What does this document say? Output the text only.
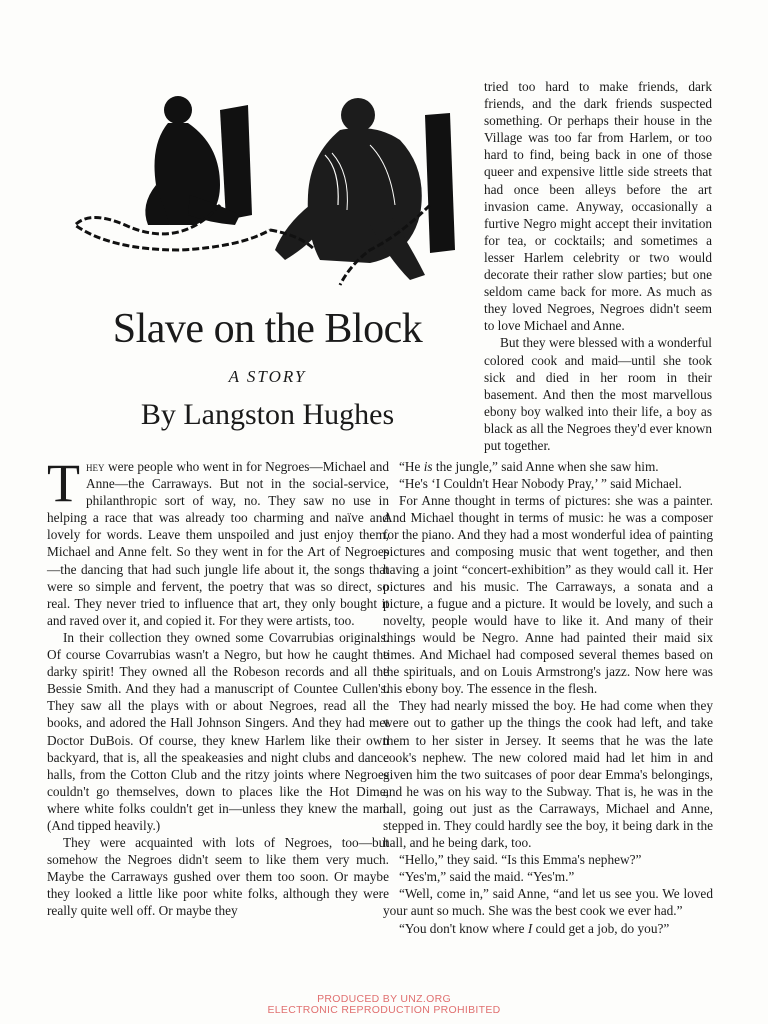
Slave on the Block
A STORY
By Langston Hughes

tried too hard to make friends, dark friends, and the dark friends suspected something. Or perhaps their house in the Village was too far from Harlem, or too hard to find, being back in one of those queer and expensive little side streets that had once been alleys before the art invasion came. Anyway, occasionally a furtive Negro might accept their invitation for tea, or cocktails; and sometimes a lesser Harlem celebrity or two would decorate their rather slow parties; but one seldom came back for more. As much as they loved Negroes, Negroes didn't seem to love Michael and Anne.

But they were blessed with a wonderful colored cook and maid—until she took sick and died in her room in their basement. And then the most marvellous ebony boy walked into their life, a boy as black as all the Negroes they'd ever known put together.

They were people who went in for Negroes—Michael and Anne—the Carraways. But not in the social-service, philanthropic sort of way, no. They saw no use in helping a race that was already too charming and naïve and lovely for words. Leave them unspoiled and just enjoy them, Michael and Anne felt. So they went in for the Art of Negroes—the dancing that had such jungle life about it, the songs that were so simple and fervent, the poetry that was so direct, so real. They never tried to influence that art, they only bought it and raved over it, and copied it. For they were artists, too.

In their collection they owned some Covarrubias originals. Of course Covarrubias wasn't a Negro, but how he caught the darky spirit! They owned all the Robeson records and all the Bessie Smith. And they had a manuscript of Countee Cullen's. They saw all the plays with or about Negroes, read all the books, and adored the Hall Johnson Singers. And they had met Doctor DuBois. Of course, they knew Harlem like their own backyard, that is, all the speakeasies and night clubs and dance halls, from the Cotton Club and the ritzy joints where Negroes couldn't go themselves, down to places like the Hot Dime, where white folks couldn't get in—unless they knew the man. (And tipped heavily.)

They were acquainted with lots of Negroes, too—but somehow the Negroes didn't seem to like them very much. Maybe the Carraways gushed over them too soon. Or maybe they looked a little like poor white folks, although they were really quite well off. Or maybe they

“He is the jungle,” said Anne when she saw him.

“He's ‘I Couldn't Hear Nobody Pray,’ ” said Michael.

For Anne thought in terms of pictures: she was a painter. And Michael thought in terms of music: he was a composer for the piano. And they had a most wonderful idea of painting pictures and composing music that went together, and then having a joint “concert-exhibition” as they would call it. Her pictures and his music. The Carraways, a sonata and a picture, a fugue and a picture. It would be lovely, and such a novelty, people would have to like it. And many of their things would be Negro. Anne had painted their maid six times. And Michael had composed several themes based on the spirituals, and on Louis Armstrong's jazz. Now here was this ebony boy. The essence in the flesh.

They had nearly missed the boy. He had come when they were out to gather up the things the cook had left, and take them to her sister in Jersey. It seems that he was the late cook's nephew. The new colored maid had let him in and given him the two suitcases of poor dear Emma's belongings, and he was on his way to the Subway. That is, he was in the hall, going out just as the Carraways, Michael and Anne, stepped in. They could hardly see the boy, it being dark in the hall, and he being dark, too.

“Hello,” they said. “Is this Emma's nephew?”

“Yes'm,” said the maid. “Yes'm.”

“Well, come in,” said Anne, “and let us see you. We loved your aunt so much. She was the best cook we ever had.”

“You don't know where I could get a job, do you?”

PRODUCED BY UNZ.ORG
ELECTRONIC REPRODUCTION PROHIBITED
